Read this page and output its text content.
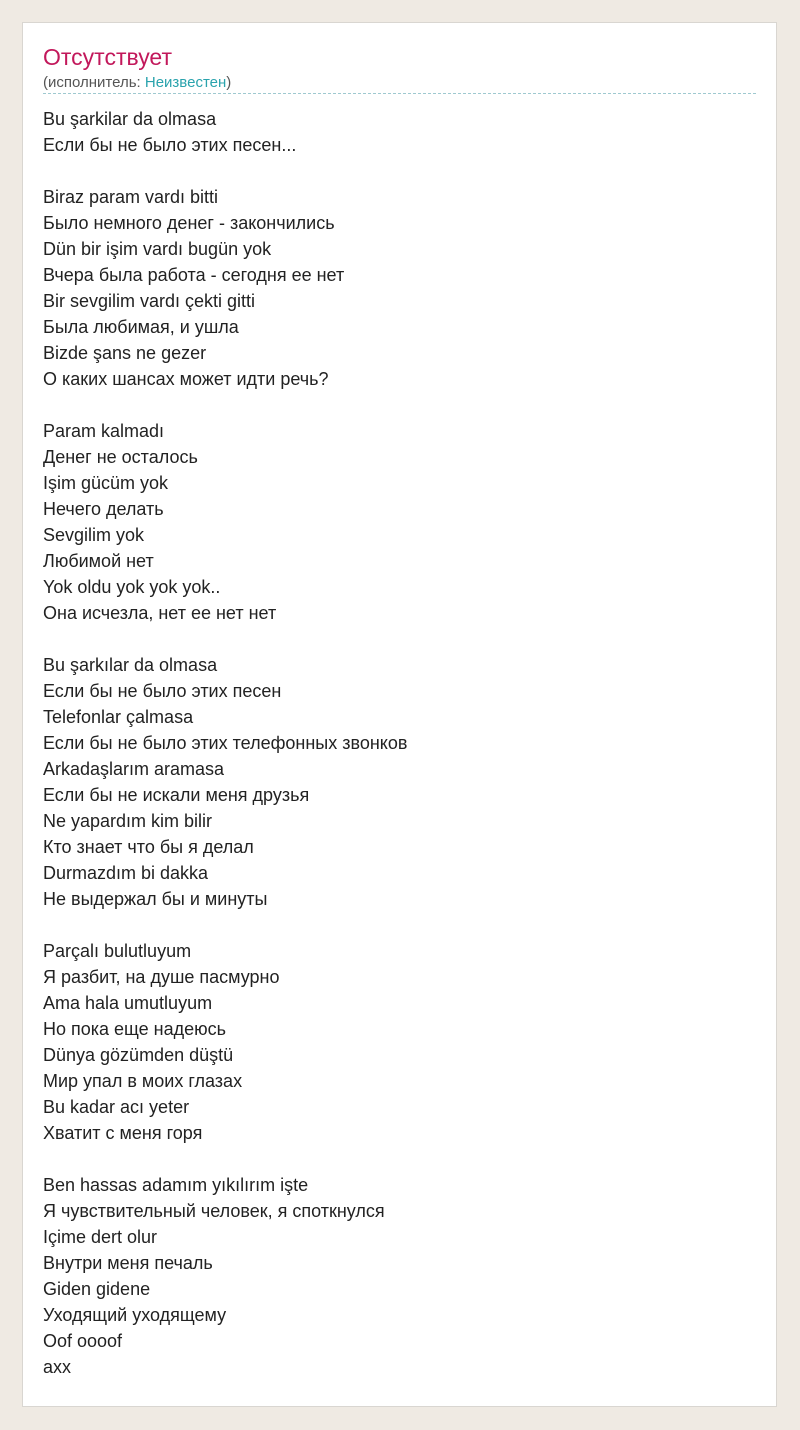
Отсутствует
(исполнитель: Неизвестен)
Bu şarkilar da olmasa
Если бы не было этих песен...
Biraz param vardı bitti
Было немного денег - закончились
Dün bir işim vardı bugün yok
Вчера была работа - сегодня ее нет
Bir sevgilim vardı çekti gitti
Была любимая, и ушла
Bizde şans ne gezer
О каких шансах может идти речь?
Param kalmadı
Денег не осталось
Işim gücüm yok
Нечего делать
Sevgilim yok
Любимой нет
Yok oldu yok yok yok..
Она исчезла, нет ее нет нет
Bu şarkılar da olmasa
Если бы не было этих песен
Telefonlar çalmasa
Если бы не было этих телефонных звонков
Arkadaşlarım aramasa
Если бы не искали меня друзья
Ne yapardım kim bilir
Кто знает что бы я делал
Durmazdım bi dakka
Не выдержал бы и минуты
Parçalı bulutluyum
Я разбит, на душе пасмурно
Ama hala umutluyum
Но пока еще надеюсь
Dünya gözümden düştü
Мир упал в моих глазах
Bu kadar acı yeter
Хватит с меня горя
Ben hassas adamım yıkılırım işte
Я чувствительный человек, я споткнулся
Içime dert olur
Внутри меня печаль
Giden gidene
Уходящий уходящему
Oof oooof
ахх
